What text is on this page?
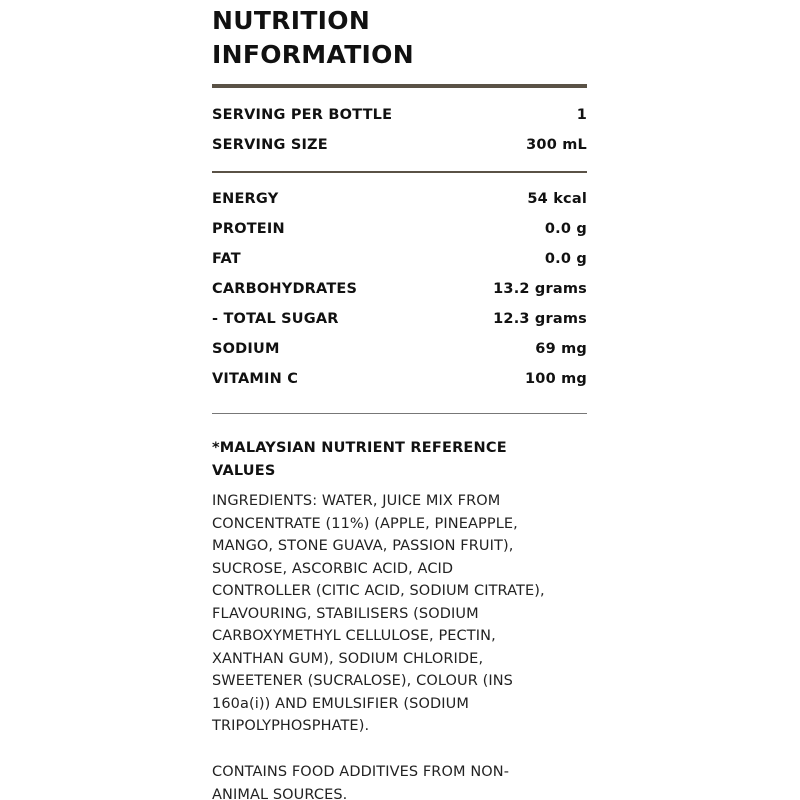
NUTRITION
INFORMATION
SERVING PER BOTTLE	1
SERVING SIZE	300 mL
ENERGY	54 kcal
PROTEIN	0.0 g
FAT	0.0 g
CARBOHYDRATES	13.2 grams
- TOTAL SUGAR	12.3 grams
SODIUM	69 mg
VITAMIN C	100 mg
*MALAYSIAN NUTRIENT REFERENCE
VALUES
INGREDIENTS: WATER, JUICE MIX FROM
CONCENTRATE (11%) (APPLE, PINEAPPLE,
MANGO, STONE GUAVA, PASSION FRUIT),
SUCROSE, ASCORBIC ACID, ACID
CONTROLLER (CITIC ACID, SODIUM CITRATE),
FLAVOURING, STABILISERS (SODIUM
CARBOXYMETHYL CELLULOSE, PECTIN,
XANTHAN GUM), SODIUM CHLORIDE,
SWEETENER (SUCRALOSE), COLOUR (INS
160a(i)) AND EMULSIFIER (SODIUM
TRIPOLYPHOSPHATE).
CONTAINS FOOD ADDITIVES FROM NON-
ANIMAL SOURCES.
